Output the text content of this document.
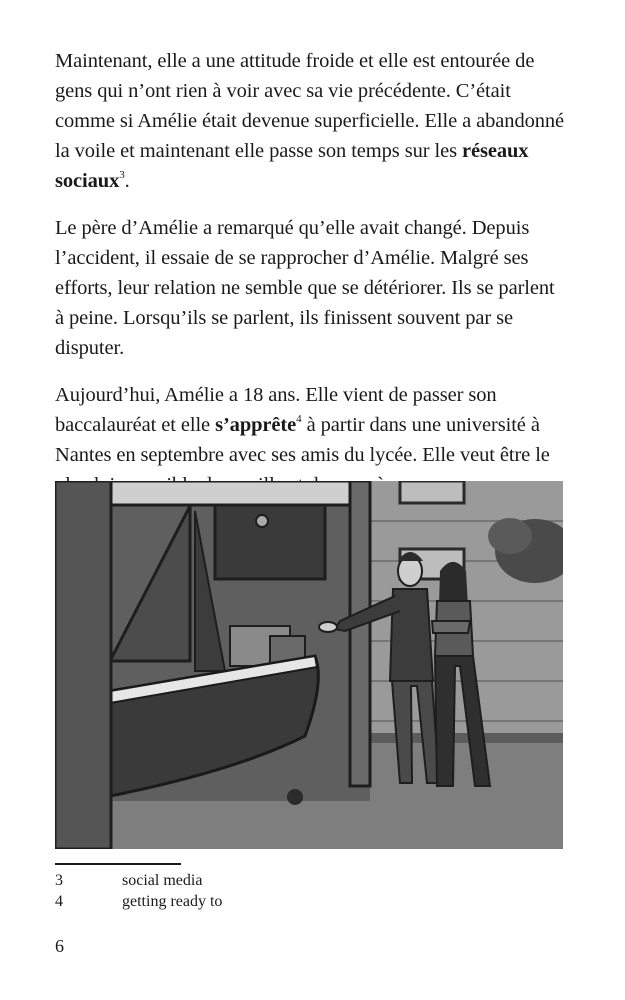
Maintenant, elle a une attitude froide et elle est entourée de gens qui n’ont rien à voir avec sa vie précédente. C’était comme si Amélie était devenue superficielle. Elle a abandonné la voile et maintenant elle passe son temps sur les réseaux sociaux$^3$.

Le père d’Amélie a remarqué qu’elle avait changé. Depuis l’accident, il essaie de se rapprocher d’Amélie. Malgré ses efforts, leur relation ne semble que se détériorer. Ils se parlent à peine. Lorsqu’ils se parlent, ils finissent souvent par se disputer.

Aujourd’hui, Amélie a 18 ans. Elle vient de passer son baccalauréat et elle s’apprête$^4$ à partir dans une université à Nantes en septembre avec ses amis du lycée. Elle veut être le

3	social media
4	getting ready to
6
